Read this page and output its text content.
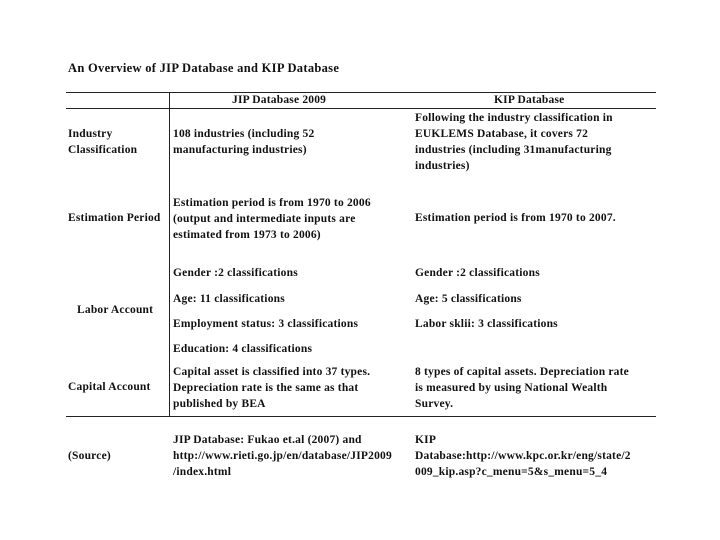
An Overview of JIP Database and KIP Database
JIP Database 2009	KIP Database
Industry
Classification
108 industries (including 52
manufacturing industries)
Following the industry classification in
EUKLEMS Database, it covers 72
industries (including 31manufacturing
industries)
Estimation Period
Estimation period is from 1970 to 2006
(output and intermediate inputs are
estimated from 1973 to 2006)
Estimation period is from 1970 to 2007.
Labor Account
Gender :2 classifications
Age: 11 classifications
Employment status: 3 classifications
Education: 4 classifications
Gender :2 classifications
Age: 5 classifications
Labor sklii: 3 classifications
Capital Account
Capital asset is classified into 37 types.
Depreciation rate is the same as that
published by BEA
8 types of capital assets. Depreciation rate
is measured by using National Wealth
Survey.
(Source)
JIP Database: Fukao et.al (2007) and
http://www.rieti.go.jp/en/database/JIP2009
/index.html
KIP
Database:http://www.kpc.or.kr/eng/state/2
009_kip.asp?c_menu=5&s_menu=5_4
